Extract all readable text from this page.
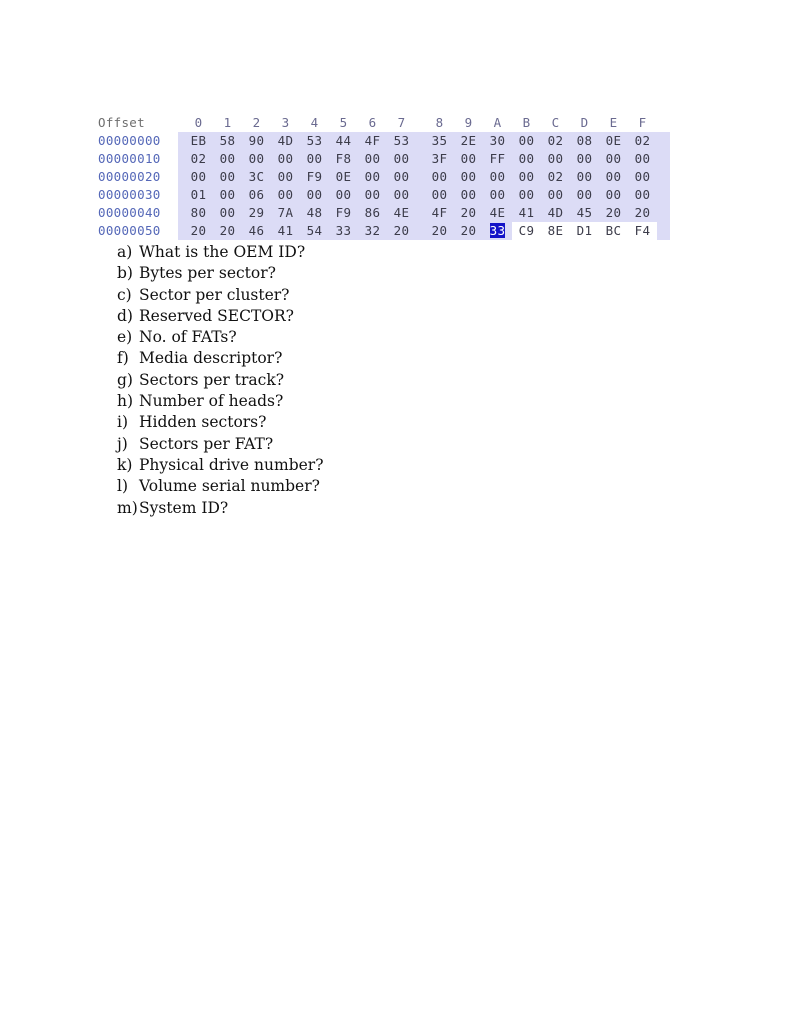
Offset	0	1	2	3	4	5	6	7	8	9	A	B	C	D	E	F
00000000	EB	58	90	4D	53	44	4F	53	35	2E	30	00	02	08	0E	02
00000010	02	00	00	00	00	F8	00	00	3F	00	FF	00	00	00	00	00
00000020	00	00	3C	00	F9	0E	00	00	00	00	00	00	02	00	00	00
00000030	01	00	06	00	00	00	00	00	00	00	00	00	00	00	00	00
00000040	80	00	29	7A	48	F9	86	4E	4F	20	4E	41	4D	45	20	20
00000050	20	20	46	41	54	33	32	20	20	20	33	C9	8E	D1	BC	F4
a) What is the OEM ID?
b) Bytes per sector?
c) Sector per cluster?
d) Reserved SECTOR?
e) No. of FATs?
f) Media descriptor?
g) Sectors per track?
h) Number of heads?
i) Hidden sectors?
j) Sectors per FAT?
k) Physical drive number?
l) Volume serial number?
m) System ID?
